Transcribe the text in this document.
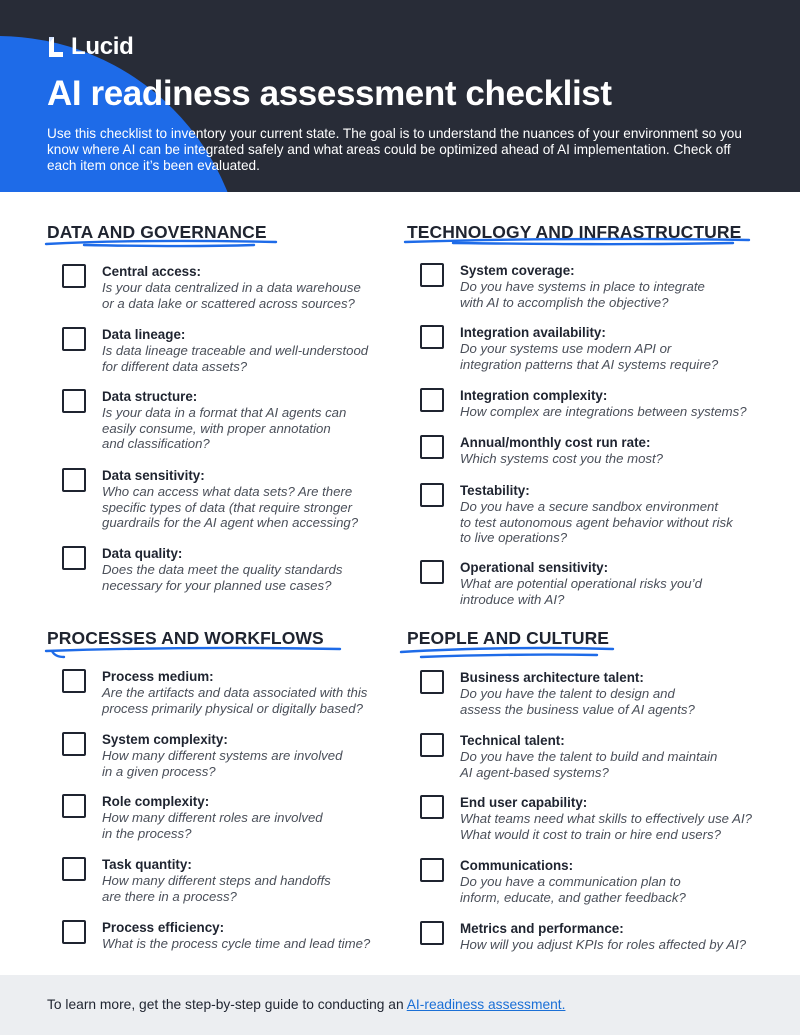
Lucid
AI readiness assessment checklist

Use this checklist to inventory your current state. The goal is to understand the nuances of your environment so you know where AI can be integrated safely and what areas could be optimized ahead of AI implementation. Check off each item once it’s been evaluated.

DATA AND GOVERNANCE	TECHNOLOGY AND INFRASTRUCTURE
PROCESSES AND WORKFLOWS	PEOPLE AND CULTURE
Central access:
Is your data centralized in a data warehouse
or a data lake or scattered across sources?
Data lineage:
Is data lineage traceable and well-understood
for different data assets?
Data structure:
Is your data in a format that AI agents can
easily consume, with proper annotation
and classification?
Data sensitivity:
Who can access what data sets? Are there
specific types of data (that require stronger
guardrails for the AI agent when accessing?
Data quality:
Does the data meet the quality standards
necessary for your planned use cases?
System coverage:
Do you have systems in place to integrate
with AI to accomplish the objective?
Integration availability:
Do your systems use modern API or
integration patterns that AI systems require?
Integration complexity:
How complex are integrations between systems?
Annual/monthly cost run rate:
Which systems cost you the most?
Testability:
Do you have a secure sandbox environment
to test autonomous agent behavior without risk
to live operations?
Operational sensitivity:
What are potential operational risks you’d
introduce with AI?
Process medium:
Are the artifacts and data associated with this
process primarily physical or digitally based?
System complexity:
How many different systems are involved
in a given process?
Role complexity:
How many different roles are involved
in the process?
Task quantity:
How many different steps and handoffs
are there in a process?
Process efficiency:
What is the process cycle time and lead time?
Business architecture talent:
Do you have the talent to design and
assess the business value of AI agents?
Technical talent:
Do you have the talent to build and maintain
AI agent-based systems?
End user capability:
What teams need what skills to effectively use AI?
What would it cost to train or hire end users?
Communications:
Do you have a communication plan to
inform, educate, and gather feedback?
Metrics and performance:
How will you adjust KPIs for roles affected by AI?
To learn more, get the step-by-step guide to conducting an AI-readiness assessment.
